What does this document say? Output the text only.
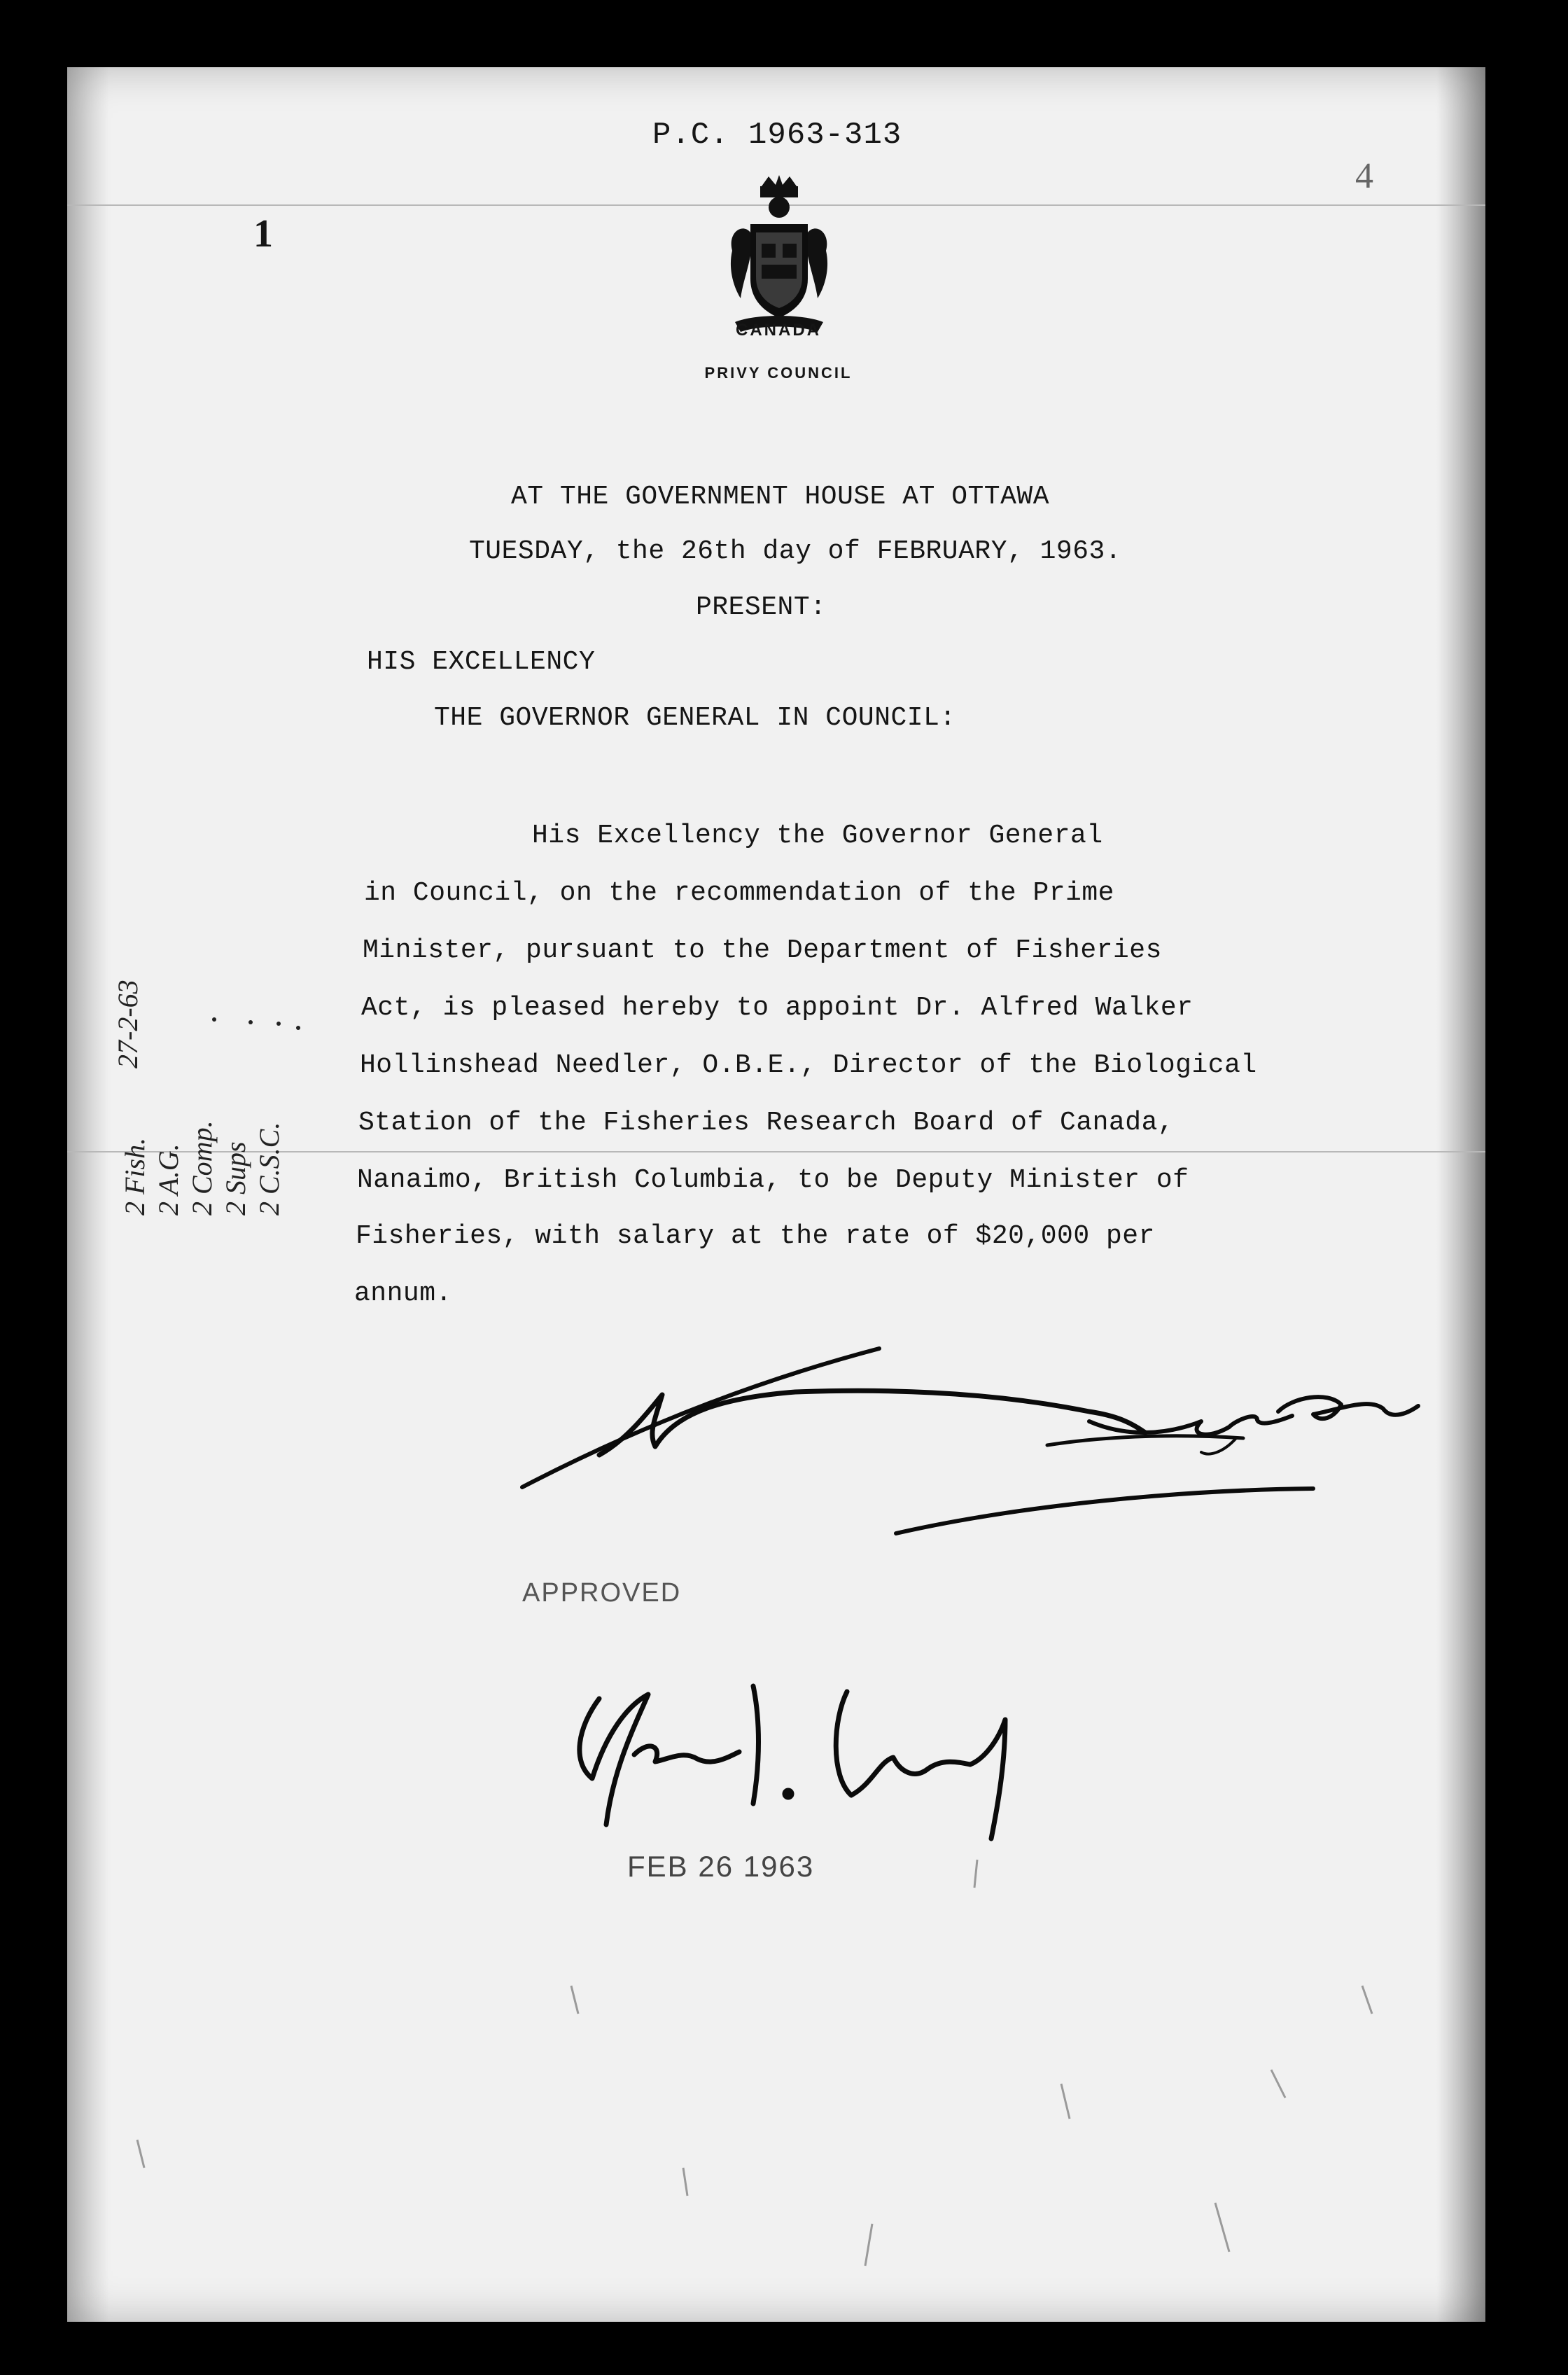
P.C. 1963-313
4
1
CANADA
PRIVY COUNCIL
AT THE GOVERNMENT HOUSE AT OTTAWA
TUESDAY, the 26th day of FEBRUARY, 1963.
PRESENT:
HIS EXCELLENCY
THE GOVERNOR GENERAL IN COUNCIL:
His Excellency the Governor General
in Council, on the recommendation of the Prime
Minister, pursuant to the Department of Fisheries
Act, is pleased hereby to appoint Dr. Alfred Walker
Hollinshead Needler, O.B.E., Director of the Biological
Station of the Fisheries Research Board of Canada,
Nanaimo, British Columbia, to be Deputy Minister of
Fisheries, with salary at the rate of $20,000 per
annum.
27-2-63
2 Fish. 2 A.G. 2 Comp. 2 Sups 2 C.S.C.
APPROVED
FEB 26 1963
